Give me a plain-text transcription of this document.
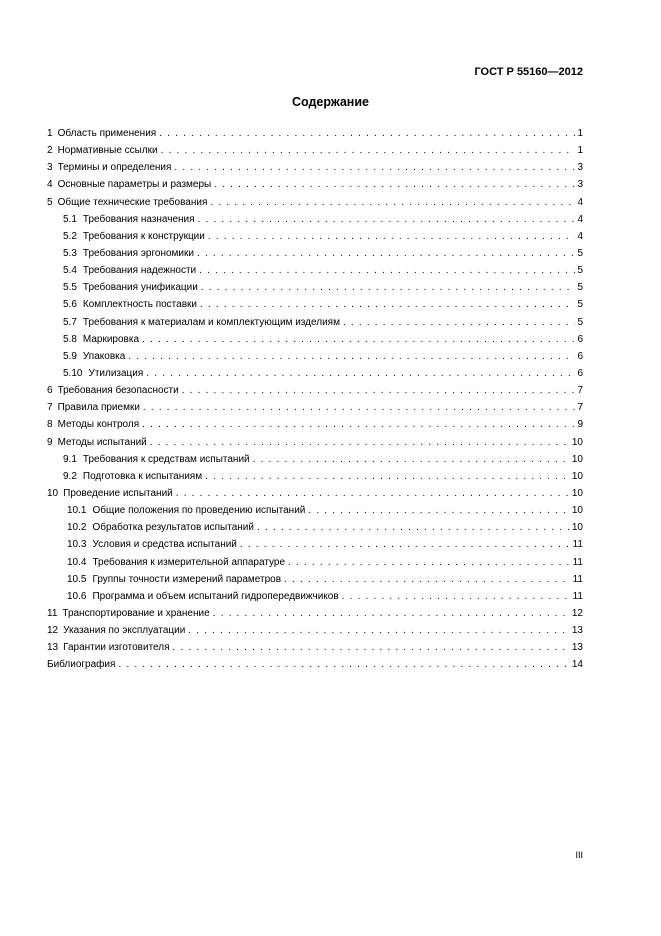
ГОСТ Р 55160—2012
Содержание
1 Область применения . . .	1
2 Нормативные ссылки . . .	1
3 Термины и определения . . .	3
4 Основные параметры и размеры . . .	3
5 Общие технические требования . . .	4
5.1 Требования назначения . . .	4
5.2 Требования к конструкции . . .	4
5.3 Требования эргономики . . .	5
5.4 Требования надежности . . .	5
5.5 Требования унификации . . .	5
5.6 Комплектность поставки . . .	5
5.7 Требования к материалам и комплектующим изделиям . . .	5
5.8 Маркировка . . .	6
5.9 Упаковка . . .	6
5.10 Утилизация . . .	6
6 Требования безопасности . . .	7
7 Правила приемки . . .	7
8 Методы контроля . . .	9
9 Методы испытаний . . .	10
9.1 Требования к средствам испытаний . . .	10
9.2 Подготовка к испытаниям . . .	10
10 Проведение испытаний . . .	10
10.1 Общие положения по проведению испытаний . . .	10
10.2 Обработка результатов испытаний . . .	10
10.3 Условия и средства испытаний . . .	11
10.4 Требования к измерительной аппаратуре . . .	11
10.5 Группы точности измерений параметров . . .	11
10.6 Программа и объем испытаний гидропередвижчиков . . .	11
11 Транспортирование и хранение . . .	12
12 Указания по эксплуатации . . .	13
13 Гарантии изготовителя . . .	13
Библиография . . .	14
III
